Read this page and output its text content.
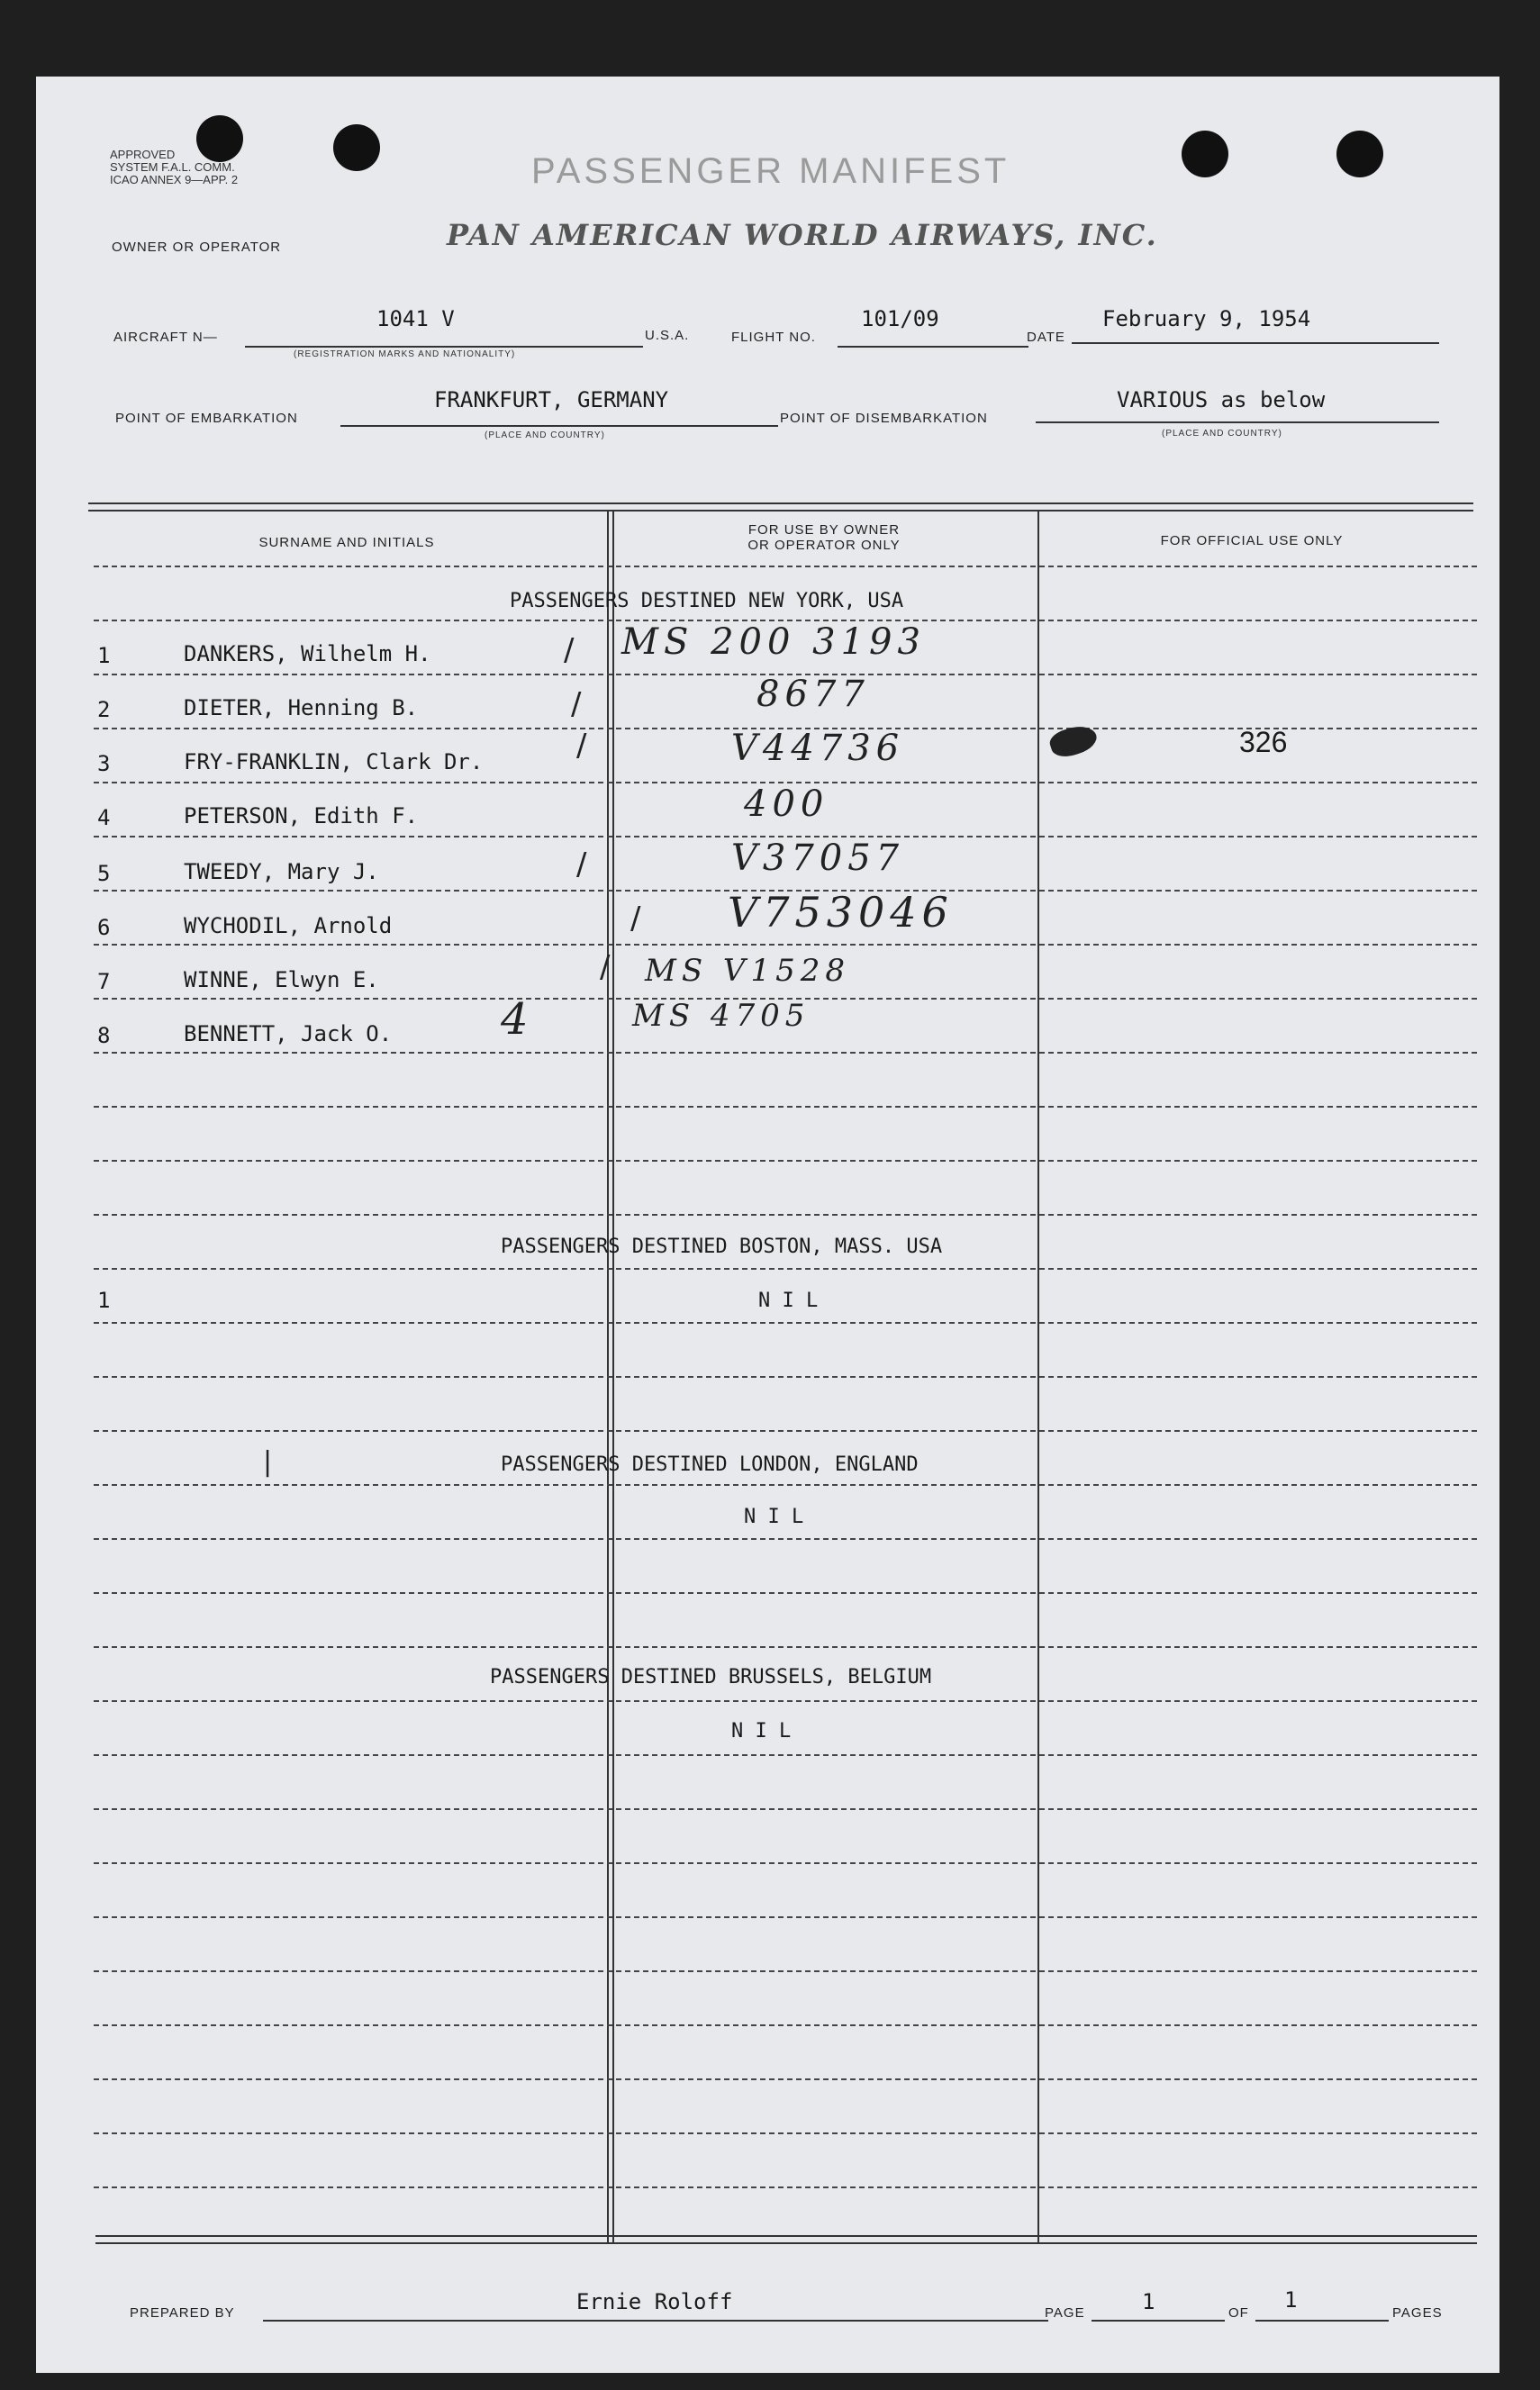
APPROVED
SYSTEM F.A.L. COMM.
ICAO ANNEX 9—APP. 2	PASSENGER MANIFEST
OWNER OR OPERATOR	PAN AMERICAN WORLD AIRWAYS, INC.
AIRCRAFT N—
1041 V
(REGISTRATION MARKS AND NATIONALITY)
U.S.A.	FLIGHT NO.
101/09
DATE
February 9, 1954
POINT OF EMBARKATION
FRANKFURT, GERMANY
(PLACE AND COUNTRY)
POINT OF DISEMBARKATION
VARIOUS as below
(PLACE AND COUNTRY)
SURNAME AND INITIALS
FOR USE BY OWNER
OR OPERATOR ONLY	FOR OFFICIAL USE ONLY
PASSENGERS DESTINED NEW YORK, USA
1	DANKERS, Wilhelm H.	/ MS 200 3193
2	DIETER, Henning B.	/	8677
3	FRY-FRANKLIN, Clark Dr.	/	V44736	326
4	PETERSON, Edith F.	400
5	TWEEDY, Mary J.	/	V37057
6	WYCHODIL, Arnold	/ V753046
7	WINNE, Elwyn E.	/ MS V1528
8	BENNETT, Jack O.	4	MS 4705
PASSENGERS DESTINED BOSTON, MASS. USA
1	N I L
|	PASSENGERS DESTINED LONDON, ENGLAND
N I L
PASSENGERS DESTINED BRUSSELS, BELGIUM
N I L
PREPARED BY	Ernie Roloff	PAGE	1	OF
1
PAGES
